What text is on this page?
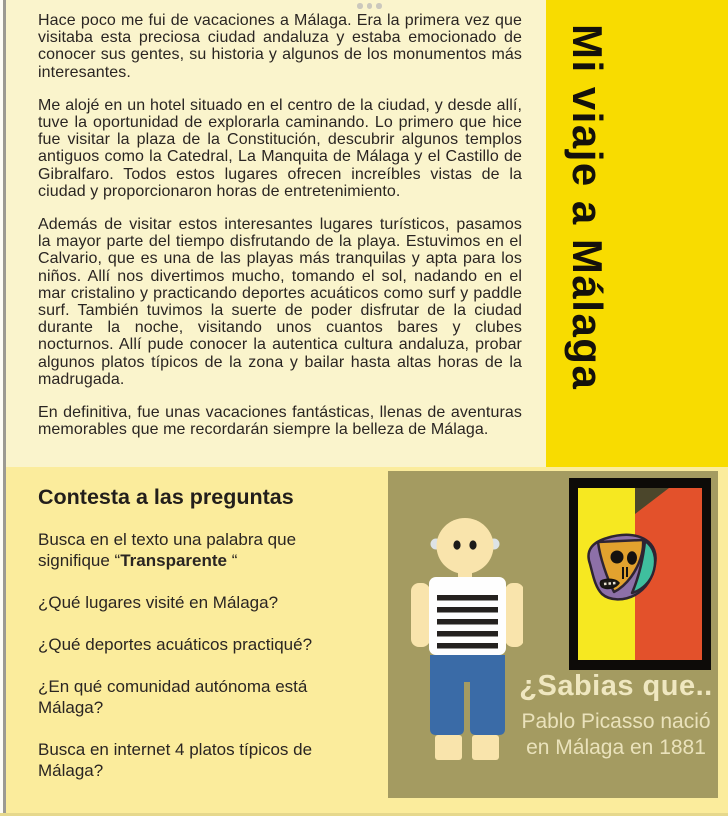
Hace poco me fui de vacaciones a Málaga. Era la primera vez que visitaba esta preciosa ciudad andaluza y estaba emocionado de conocer sus gentes, su historia y algunos de los monumentos más interesantes.

Me alojé en un hotel situado en el centro de la ciudad, y desde allí, tuve la oportunidad de explorarla caminando. Lo primero que hice fue visitar la plaza de la Constitución, descubrir algunos templos antiguos como la Catedral, La Manquita de Málaga y el Castillo de Gibralfaro. Todos estos lugares ofrecen increíbles vistas de la ciudad y proporcionaron horas de entretenimiento.

Además de visitar estos interesantes lugares turísticos, pasamos la mayor parte del tiempo disfrutando de la playa. Estuvimos en el Calvario, que es una de las playas más tranquilas y apta para los niños. Allí nos divertimos mucho, tomando el sol, nadando en el mar cristalino y practicando deportes acuáticos como surf y paddle surf. También tuvimos la suerte de poder disfrutar de la ciudad durante la noche, visitando unos cuantos bares y clubes nocturnos. Allí pude conocer la autentica cultura andaluza, probar algunos platos típicos de la zona y bailar hasta altas horas de la madrugada.

En definitiva, fue unas vacaciones fantásticas, llenas de aventuras memorables que me recordarán siempre la belleza de Málaga.

Mi viaje a Málaga
Contesta a las preguntas

Busca en el texto una palabra que signifique “Transparente “

¿Qué lugares visité en Málaga?

¿Qué deportes acuáticos practiqué?

¿En qué comunidad autónoma está Málaga?

Busca en internet 4 platos típicos de Málaga?

¿Sabias que..
Pablo Picasso nació
en Málaga en 1881
